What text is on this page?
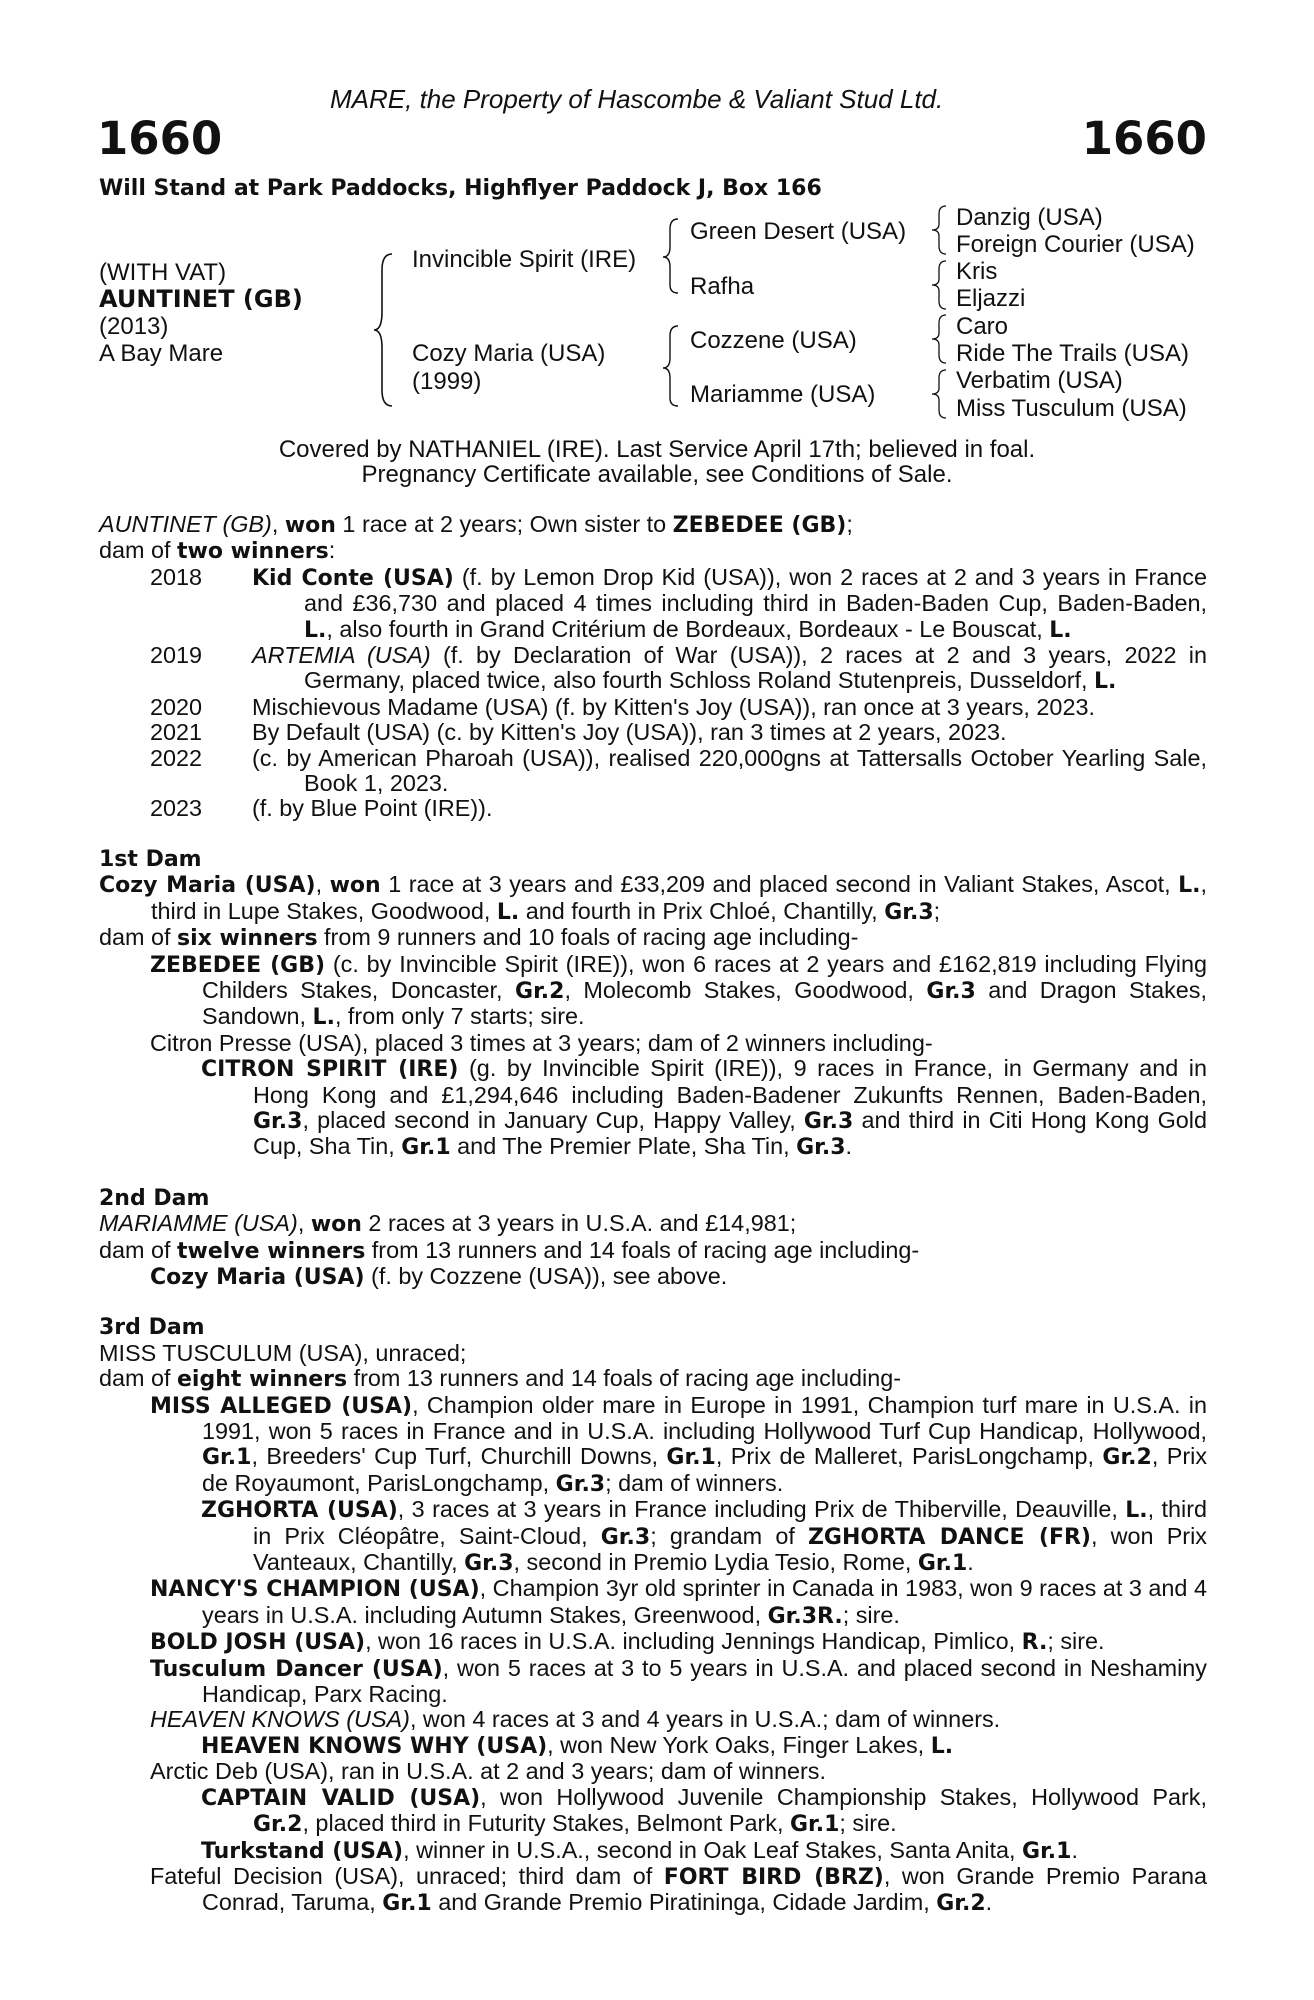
MARE, the Property of Hascombe & Valiant Stud Ltd.
1660	1660
Will Stand at Park Paddocks, Highflyer Paddock J, Box 166
(WITH VAT)
AUNTINET (GB)
(2013)
A Bay Mare
Invincible Spirit (IRE)
Cozy Maria (USA)
(1999)
Green Desert (USA)
Rafha
Cozzene (USA)
Mariamme (USA)
Danzig (USA)
Foreign Courier (USA)
Kris
Eljazzi
Caro
Ride The Trails (USA)
Verbatim (USA)
Miss Tusculum (USA)
Covered by NATHANIEL (IRE). Last Service April 17th; believed in foal.
Pregnancy Certificate available, see Conditions of Sale.

AUNTINET (GB), won 1 race at 2 years; Own sister to ZEBEDEE (GB);

dam of two winners:

2018	Kid Conte (USA) (f. by Lemon Drop Kid (USA)), won 2 races at 2 and 3 years in France and £36,730 and placed 4 times including third in Baden-Baden Cup, Baden-Baden, L., also fourth in Grand Critérium de Bordeaux, Bordeaux - Le Bouscat, L.
2019	ARTEMIA (USA) (f. by Declaration of War (USA)), 2 races at 2 and 3 years, 2022 in Germany, placed twice, also fourth Schloss Roland Stutenpreis, Dusseldorf, L.
2020	Mischievous Madame (USA) (f. by Kitten's Joy (USA)), ran once at 3 years, 2023.
2021	By Default (USA) (c. by Kitten's Joy (USA)), ran 3 times at 2 years, 2023.
2022	(c. by American Pharoah (USA)), realised 220,000gns at Tattersalls October Yearling Sale, Book 1, 2023.
2023	(f. by Blue Point (IRE)).
1st Dam

Cozy Maria (USA), won 1 race at 3 years and £33,209 and placed second in Valiant Stakes, Ascot, L., third in Lupe Stakes, Goodwood, L. and fourth in Prix Chloé, Chantilly, Gr.3;

dam of six winners from 9 runners and 10 foals of racing age including-

ZEBEDEE (GB) (c. by Invincible Spirit (IRE)), won 6 races at 2 years and £162,819 including Flying Childers Stakes, Doncaster, Gr.2, Molecomb Stakes, Goodwood, Gr.3 and Dragon Stakes, Sandown, L., from only 7 starts; sire.

Citron Presse (USA), placed 3 times at 3 years; dam of 2 winners including-

CITRON SPIRIT (IRE) (g. by Invincible Spirit (IRE)), 9 races in France, in Germany and in Hong Kong and £1,294,646 including Baden-Badener Zukunfts Rennen, Baden-Baden, Gr.3, placed second in January Cup, Happy Valley, Gr.3 and third in Citi Hong Kong Gold Cup, Sha Tin, Gr.1 and The Premier Plate, Sha Tin, Gr.3.

2nd Dam

MARIAMME (USA), won 2 races at 3 years in U.S.A. and £14,981;

dam of twelve winners from 13 runners and 14 foals of racing age including-

Cozy Maria (USA) (f. by Cozzene (USA)), see above.

3rd Dam

MISS TUSCULUM (USA), unraced;

dam of eight winners from 13 runners and 14 foals of racing age including-

MISS ALLEGED (USA), Champion older mare in Europe in 1991, Champion turf mare in U.S.A. in 1991, won 5 races in France and in U.S.A. including Hollywood Turf Cup Handicap, Hollywood, Gr.1, Breeders' Cup Turf, Churchill Downs, Gr.1, Prix de Malleret, ParisLongchamp, Gr.2, Prix de Royaumont, ParisLongchamp, Gr.3; dam of winners.

ZGHORTA (USA), 3 races at 3 years in France including Prix de Thiberville, Deauville, L., third in Prix Cléopâtre, Saint-Cloud, Gr.3; grandam of ZGHORTA DANCE (FR), won Prix Vanteaux, Chantilly, Gr.3, second in Premio Lydia Tesio, Rome, Gr.1.

NANCY'S CHAMPION (USA), Champion 3yr old sprinter in Canada in 1983, won 9 races at 3 and 4 years in U.S.A. including Autumn Stakes, Greenwood, Gr.3R.; sire.

BOLD JOSH (USA), won 16 races in U.S.A. including Jennings Handicap, Pimlico, R.; sire.

Tusculum Dancer (USA), won 5 races at 3 to 5 years in U.S.A. and placed second in Neshaminy Handicap, Parx Racing.

HEAVEN KNOWS (USA), won 4 races at 3 and 4 years in U.S.A.; dam of winners.

HEAVEN KNOWS WHY (USA), won New York Oaks, Finger Lakes, L.

Arctic Deb (USA), ran in U.S.A. at 2 and 3 years; dam of winners.

CAPTAIN VALID (USA), won Hollywood Juvenile Championship Stakes, Hollywood Park, Gr.2, placed third in Futurity Stakes, Belmont Park, Gr.1; sire.

Turkstand (USA), winner in U.S.A., second in Oak Leaf Stakes, Santa Anita, Gr.1.

Fateful Decision (USA), unraced; third dam of FORT BIRD (BRZ), won Grande Premio Parana Conrad, Taruma, Gr.1 and Grande Premio Piratininga, Cidade Jardim, Gr.2.
